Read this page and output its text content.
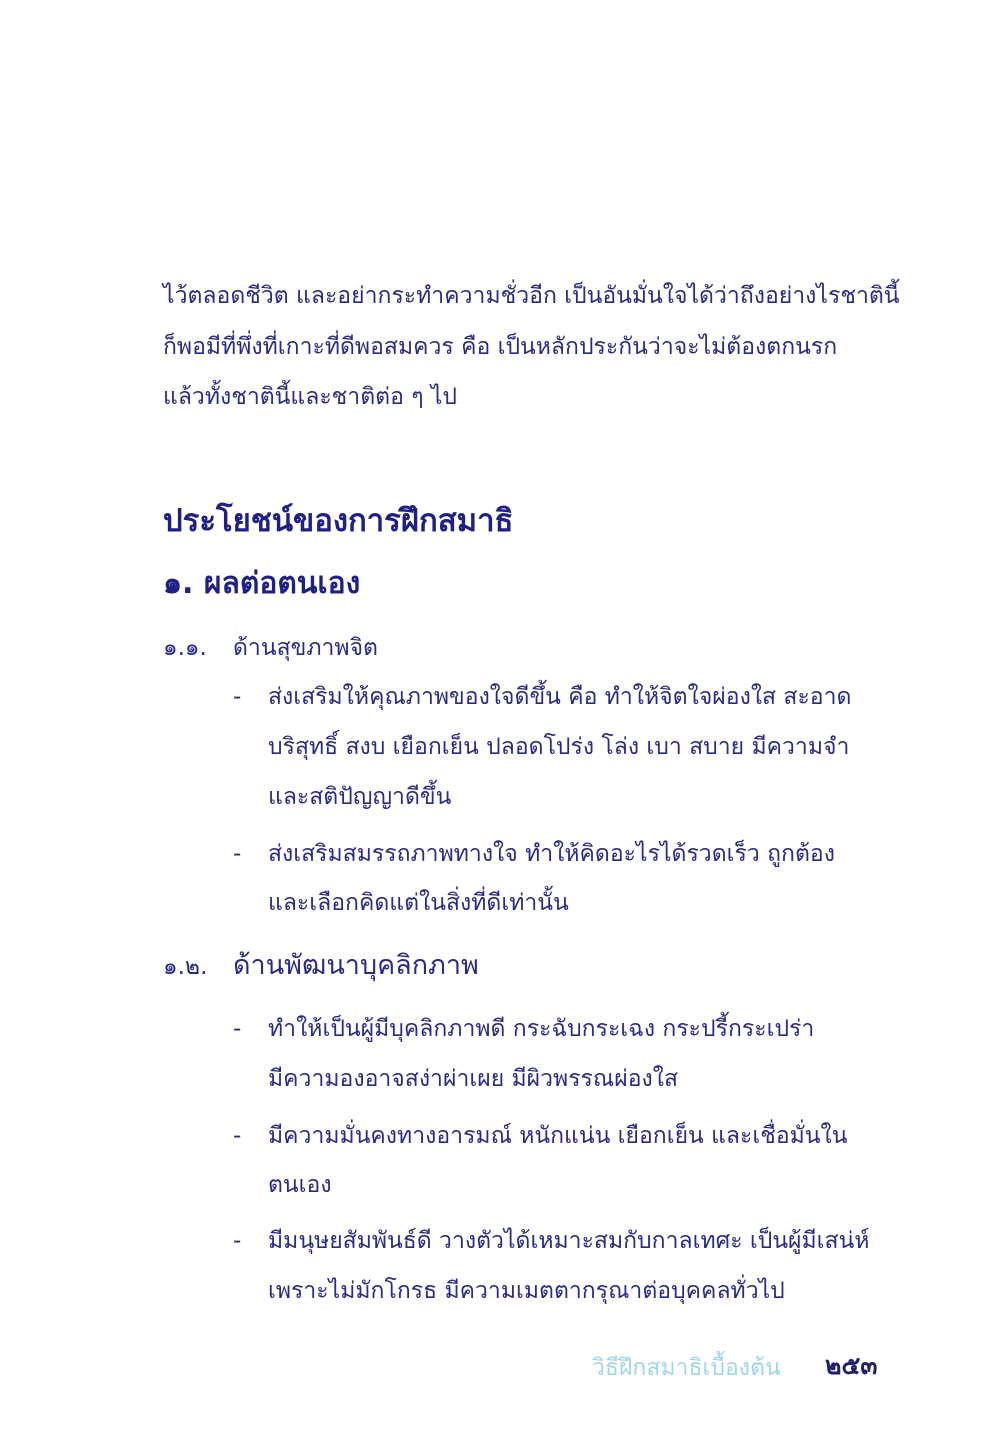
ไว้ตลอดชีวิต และอย่ากระทำความชั่วอีก เป็นอันมั่นใจได้ว่าถึงอย่างไรชาตินี้
ก็พอมีที่พึ่งที่เกาะที่ดีพอสมควร คือ เป็นหลักประกันว่าจะไม่ต้องตกนรก
แล้วทั้งชาตินี้และชาติต่อ ๆ ไป
ประโยชน์ของการฝึกสมาธิ
๑. ผลต่อตนเอง
๑.๑. ด้านสุขภาพจิต
- ส่งเสริมให้คุณภาพของใจดีขึ้น คือ ทำให้จิตใจผ่องใส สะอาด
บริสุทธิ์ สงบ เยือกเย็น ปลอดโปร่ง โล่ง เบา สบาย มีความจำ
และสติปัญญาดีขึ้น
- ส่งเสริมสมรรถภาพทางใจ ทำให้คิดอะไรได้รวดเร็ว ถูกต้อง
และเลือกคิดแต่ในสิ่งที่ดีเท่านั้น
๑.๒. ด้านพัฒนาบุคลิกภาพ
- ทำให้เป็นผู้มีบุคลิกภาพดี กระฉับกระเฉง กระปรี้กระเปร่า
มีความองอาจสง่าผ่าเผย มีผิวพรรณผ่องใส
- มีความมั่นคงทางอารมณ์ หนักแน่น เยือกเย็น และเชื่อมั่นใน
ตนเอง
- มีมนุษยสัมพันธ์ดี วางตัวได้เหมาะสมกับกาลเทศะ เป็นผู้มีเสน่ห์
เพราะไม่มักโกรธ มีความเมตตากรุณาต่อบุคคลทั่วไป
วิธีฝึกสมาธิเบื้องต้น ๒๕๓
